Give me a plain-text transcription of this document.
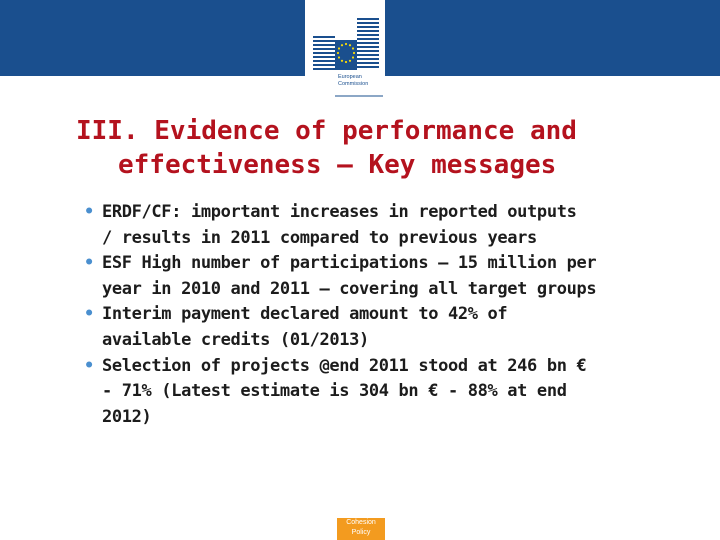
European
Commission
III. Evidence of performance and
effectiveness – Key messages
• ERDF/CF: important increases in reported outputs
/ results in 2011 compared to previous years
• ESF High number of participations – 15 million per
year in 2010 and 2011 – covering all target groups
• Interim payment declared amount to 42% of
available credits (01/2013)
• Selection of projects @end 2011 stood at 246 bn €
- 71% (Latest estimate is 304 bn € - 88% at end
2012)
Cohesion
Policy
